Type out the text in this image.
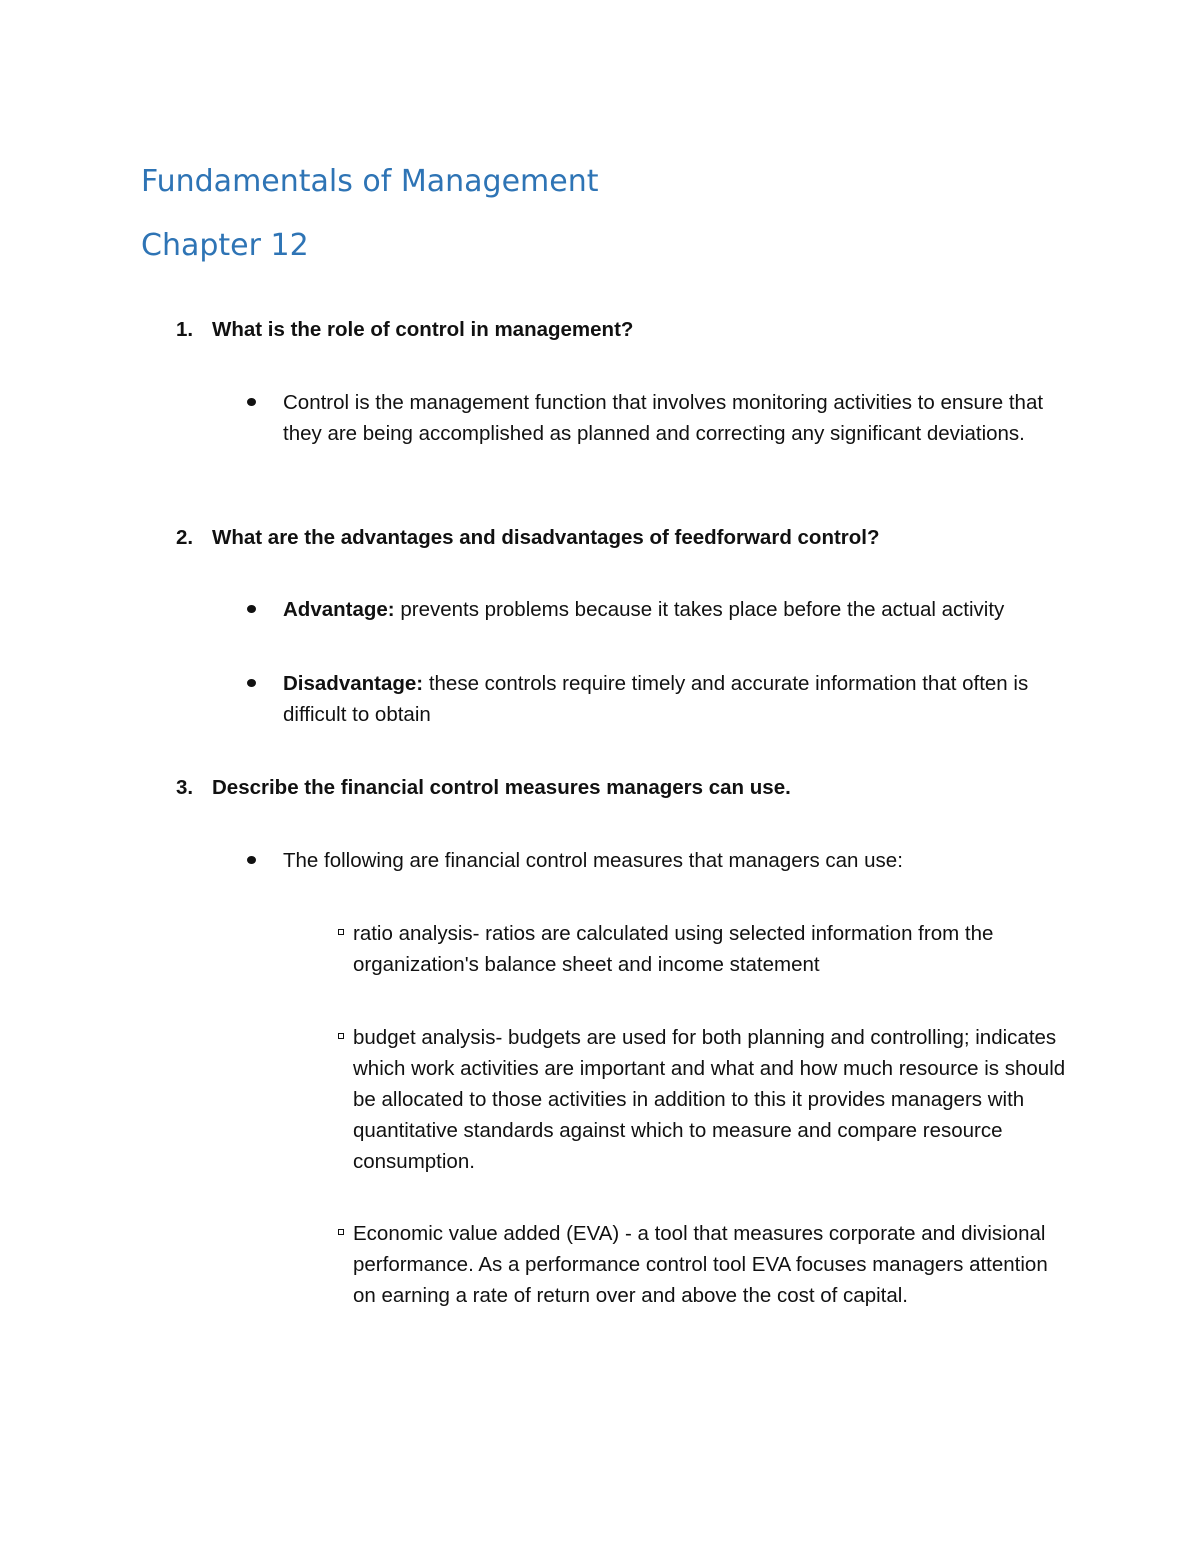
Fundamentals of Management
Chapter 12
1. What is the role of control in management?
Control is the management function that involves monitoring activities to ensure that they are being accomplished as planned and correcting any significant deviations.
2. What are the advantages and disadvantages of feedforward control?
Advantage: prevents problems because it takes place before the actual activity
Disadvantage: these controls require timely and accurate information that often is difficult to obtain
3. Describe the financial control measures managers can use.
The following are financial control measures that managers can use:
ratio analysis- ratios are calculated using selected information from the organization's balance sheet and income statement
budget analysis- budgets are used for both planning and controlling; indicates which work activities are important and what and how much resource is should be allocated to those activities in addition to this it provides managers with quantitative standards against which to measure and compare resource consumption.
Economic value added (EVA) - a tool that measures corporate and divisional performance. As a performance control tool EVA focuses managers attention on earning a rate of return over and above the cost of capital.
